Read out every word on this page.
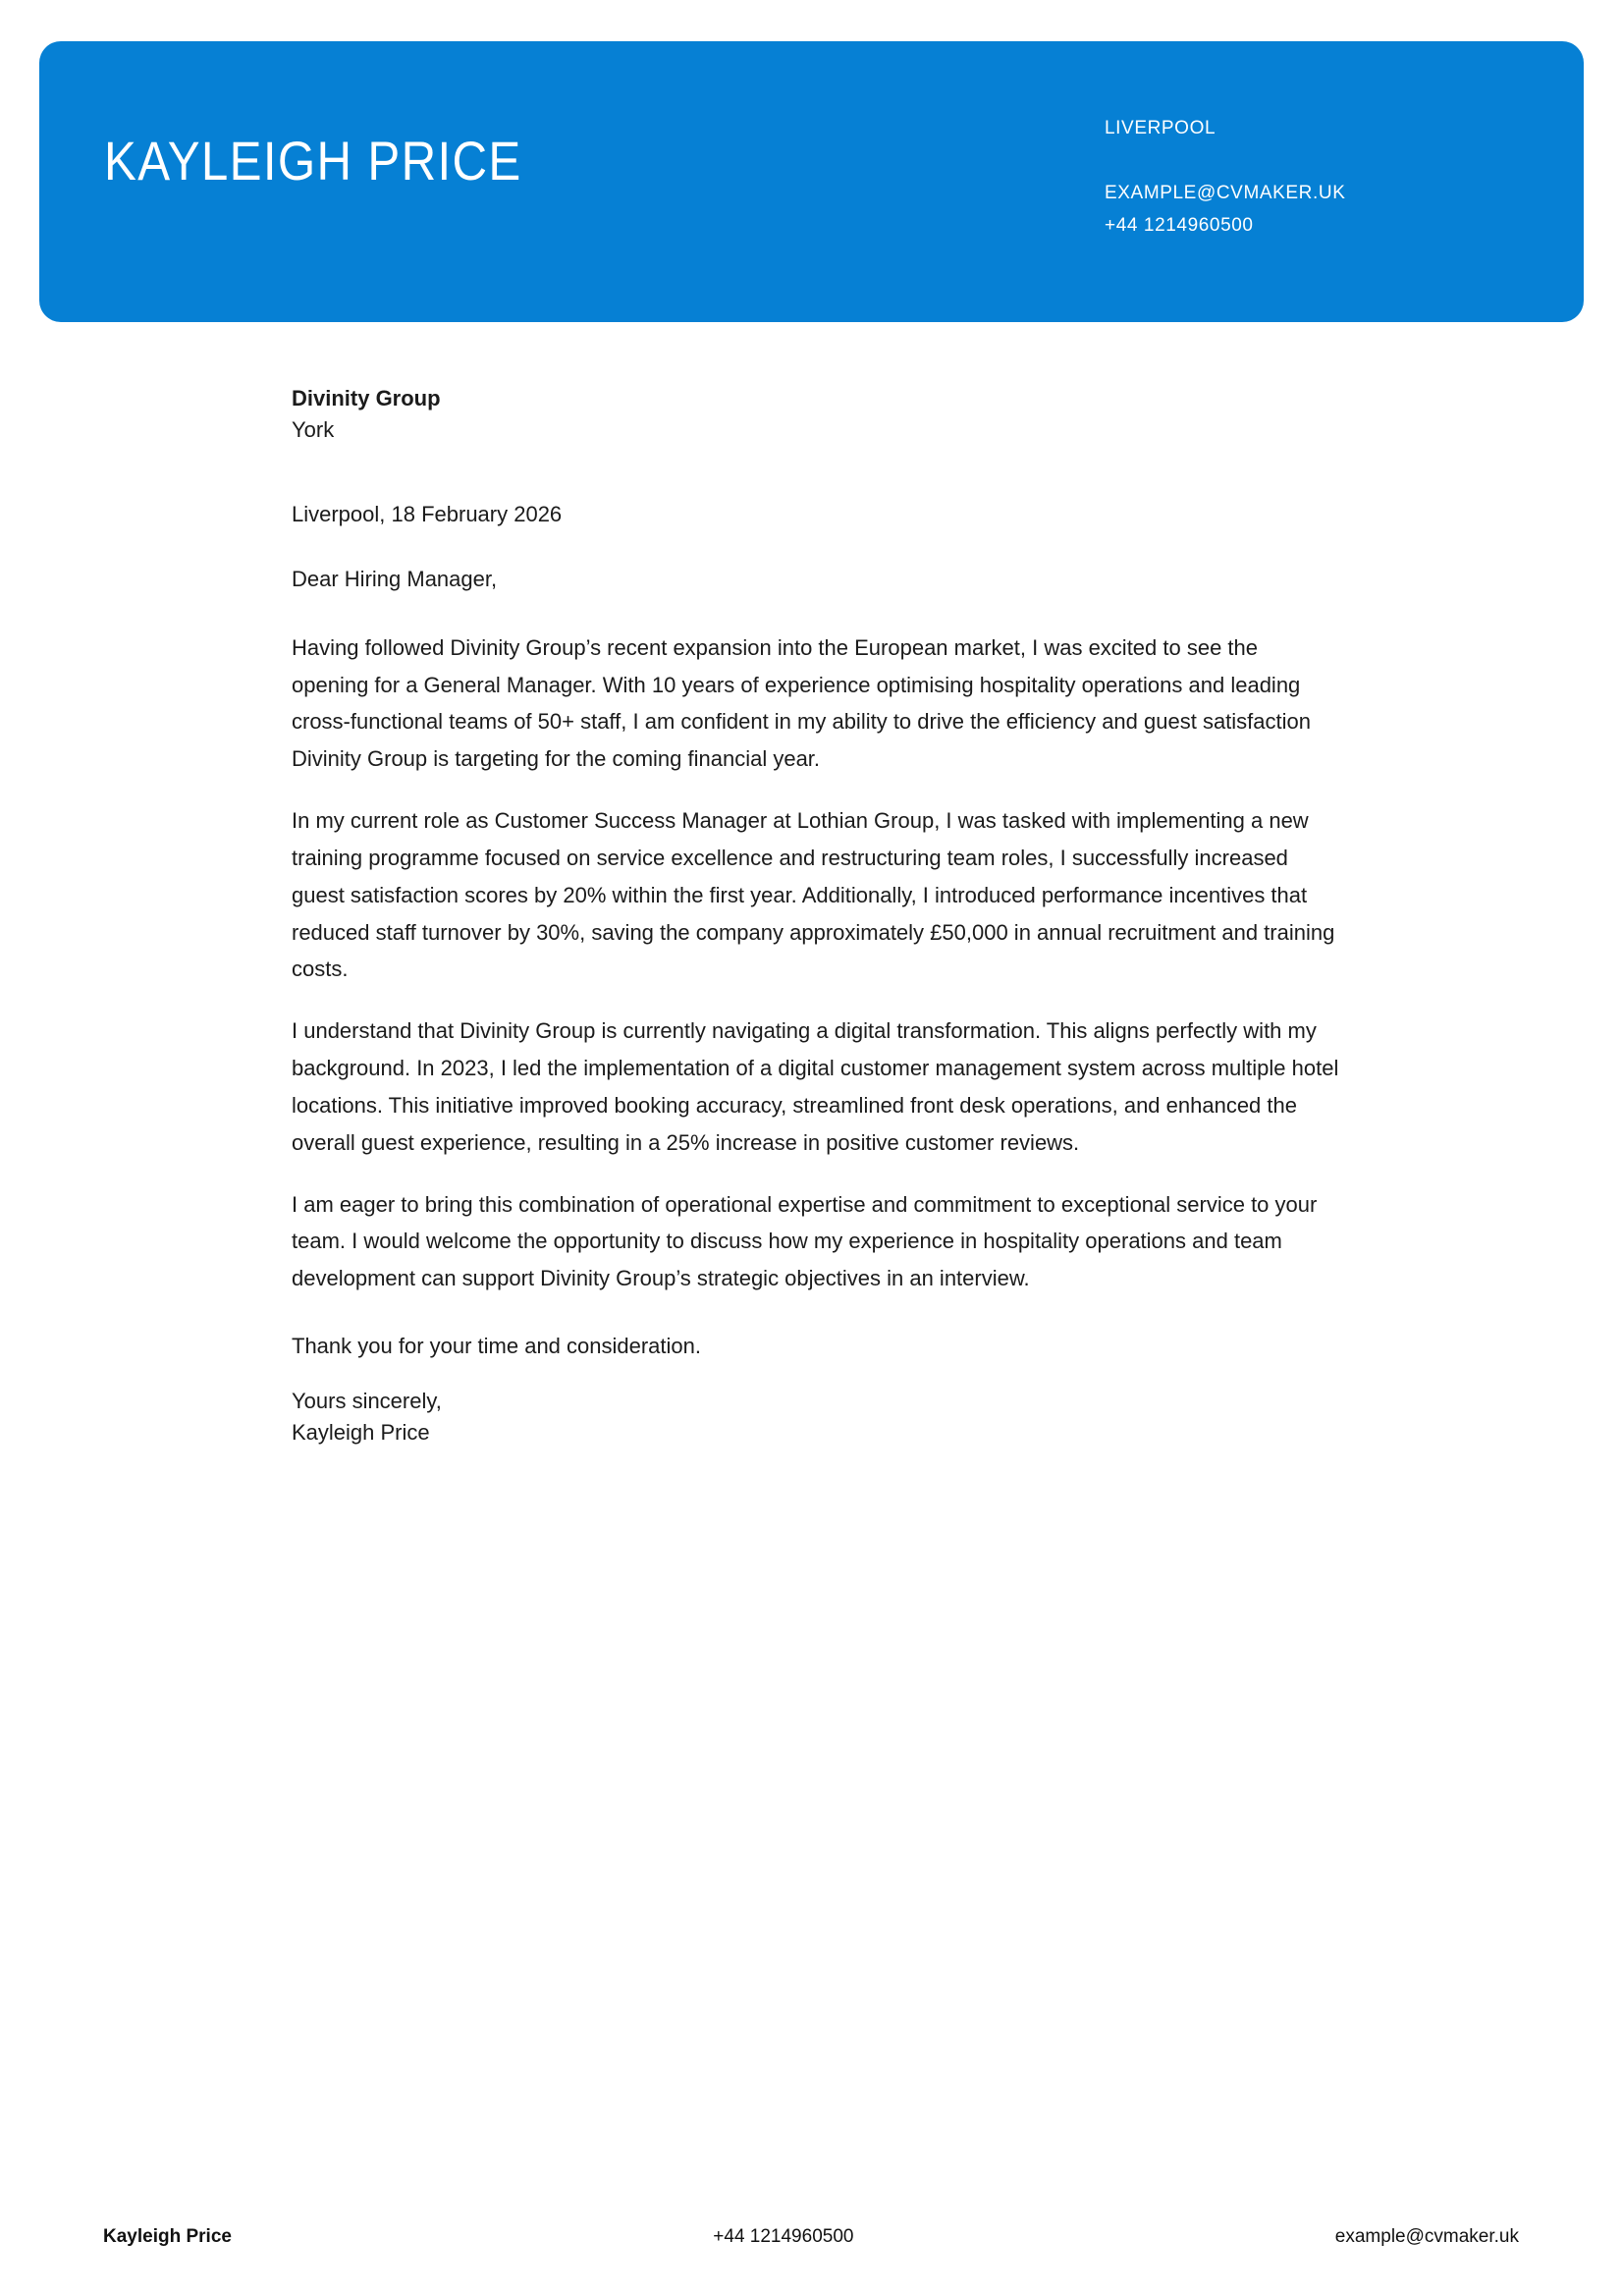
KAYLEIGH PRICE
LIVERPOOL
EXAMPLE@CVMAKER.UK
+44 1214960500
Divinity Group
York
Liverpool, 18 February 2026
Dear Hiring Manager,

Having followed Divinity Group’s recent expansion into the European market, I was excited to see the opening for a General Manager. With 10 years of experience optimising hospitality operations and leading cross-functional teams of 50+ staff, I am confident in my ability to drive the efficiency and guest satisfaction Divinity Group is targeting for the coming financial year.

In my current role as Customer Success Manager at Lothian Group, I was tasked with implementing a new training programme focused on service excellence and restructuring team roles, I successfully increased guest satisfaction scores by 20% within the first year. Additionally, I introduced performance incentives that reduced staff turnover by 30%, saving the company approximately £50,000 in annual recruitment and training costs.

I understand that Divinity Group is currently navigating a digital transformation. This aligns perfectly with my background. In 2023, I led the implementation of a digital customer management system across multiple hotel locations. This initiative improved booking accuracy, streamlined front desk operations, and enhanced the overall guest experience, resulting in a 25% increase in positive customer reviews.

I am eager to bring this combination of operational expertise and commitment to exceptional service to your team. I would welcome the opportunity to discuss how my experience in hospitality operations and team development can support Divinity Group’s strategic objectives in an interview.

Thank you for your time and consideration.
Yours sincerely,
Kayleigh Price
Kayleigh Price	+44 1214960500	example@cvmaker.uk
